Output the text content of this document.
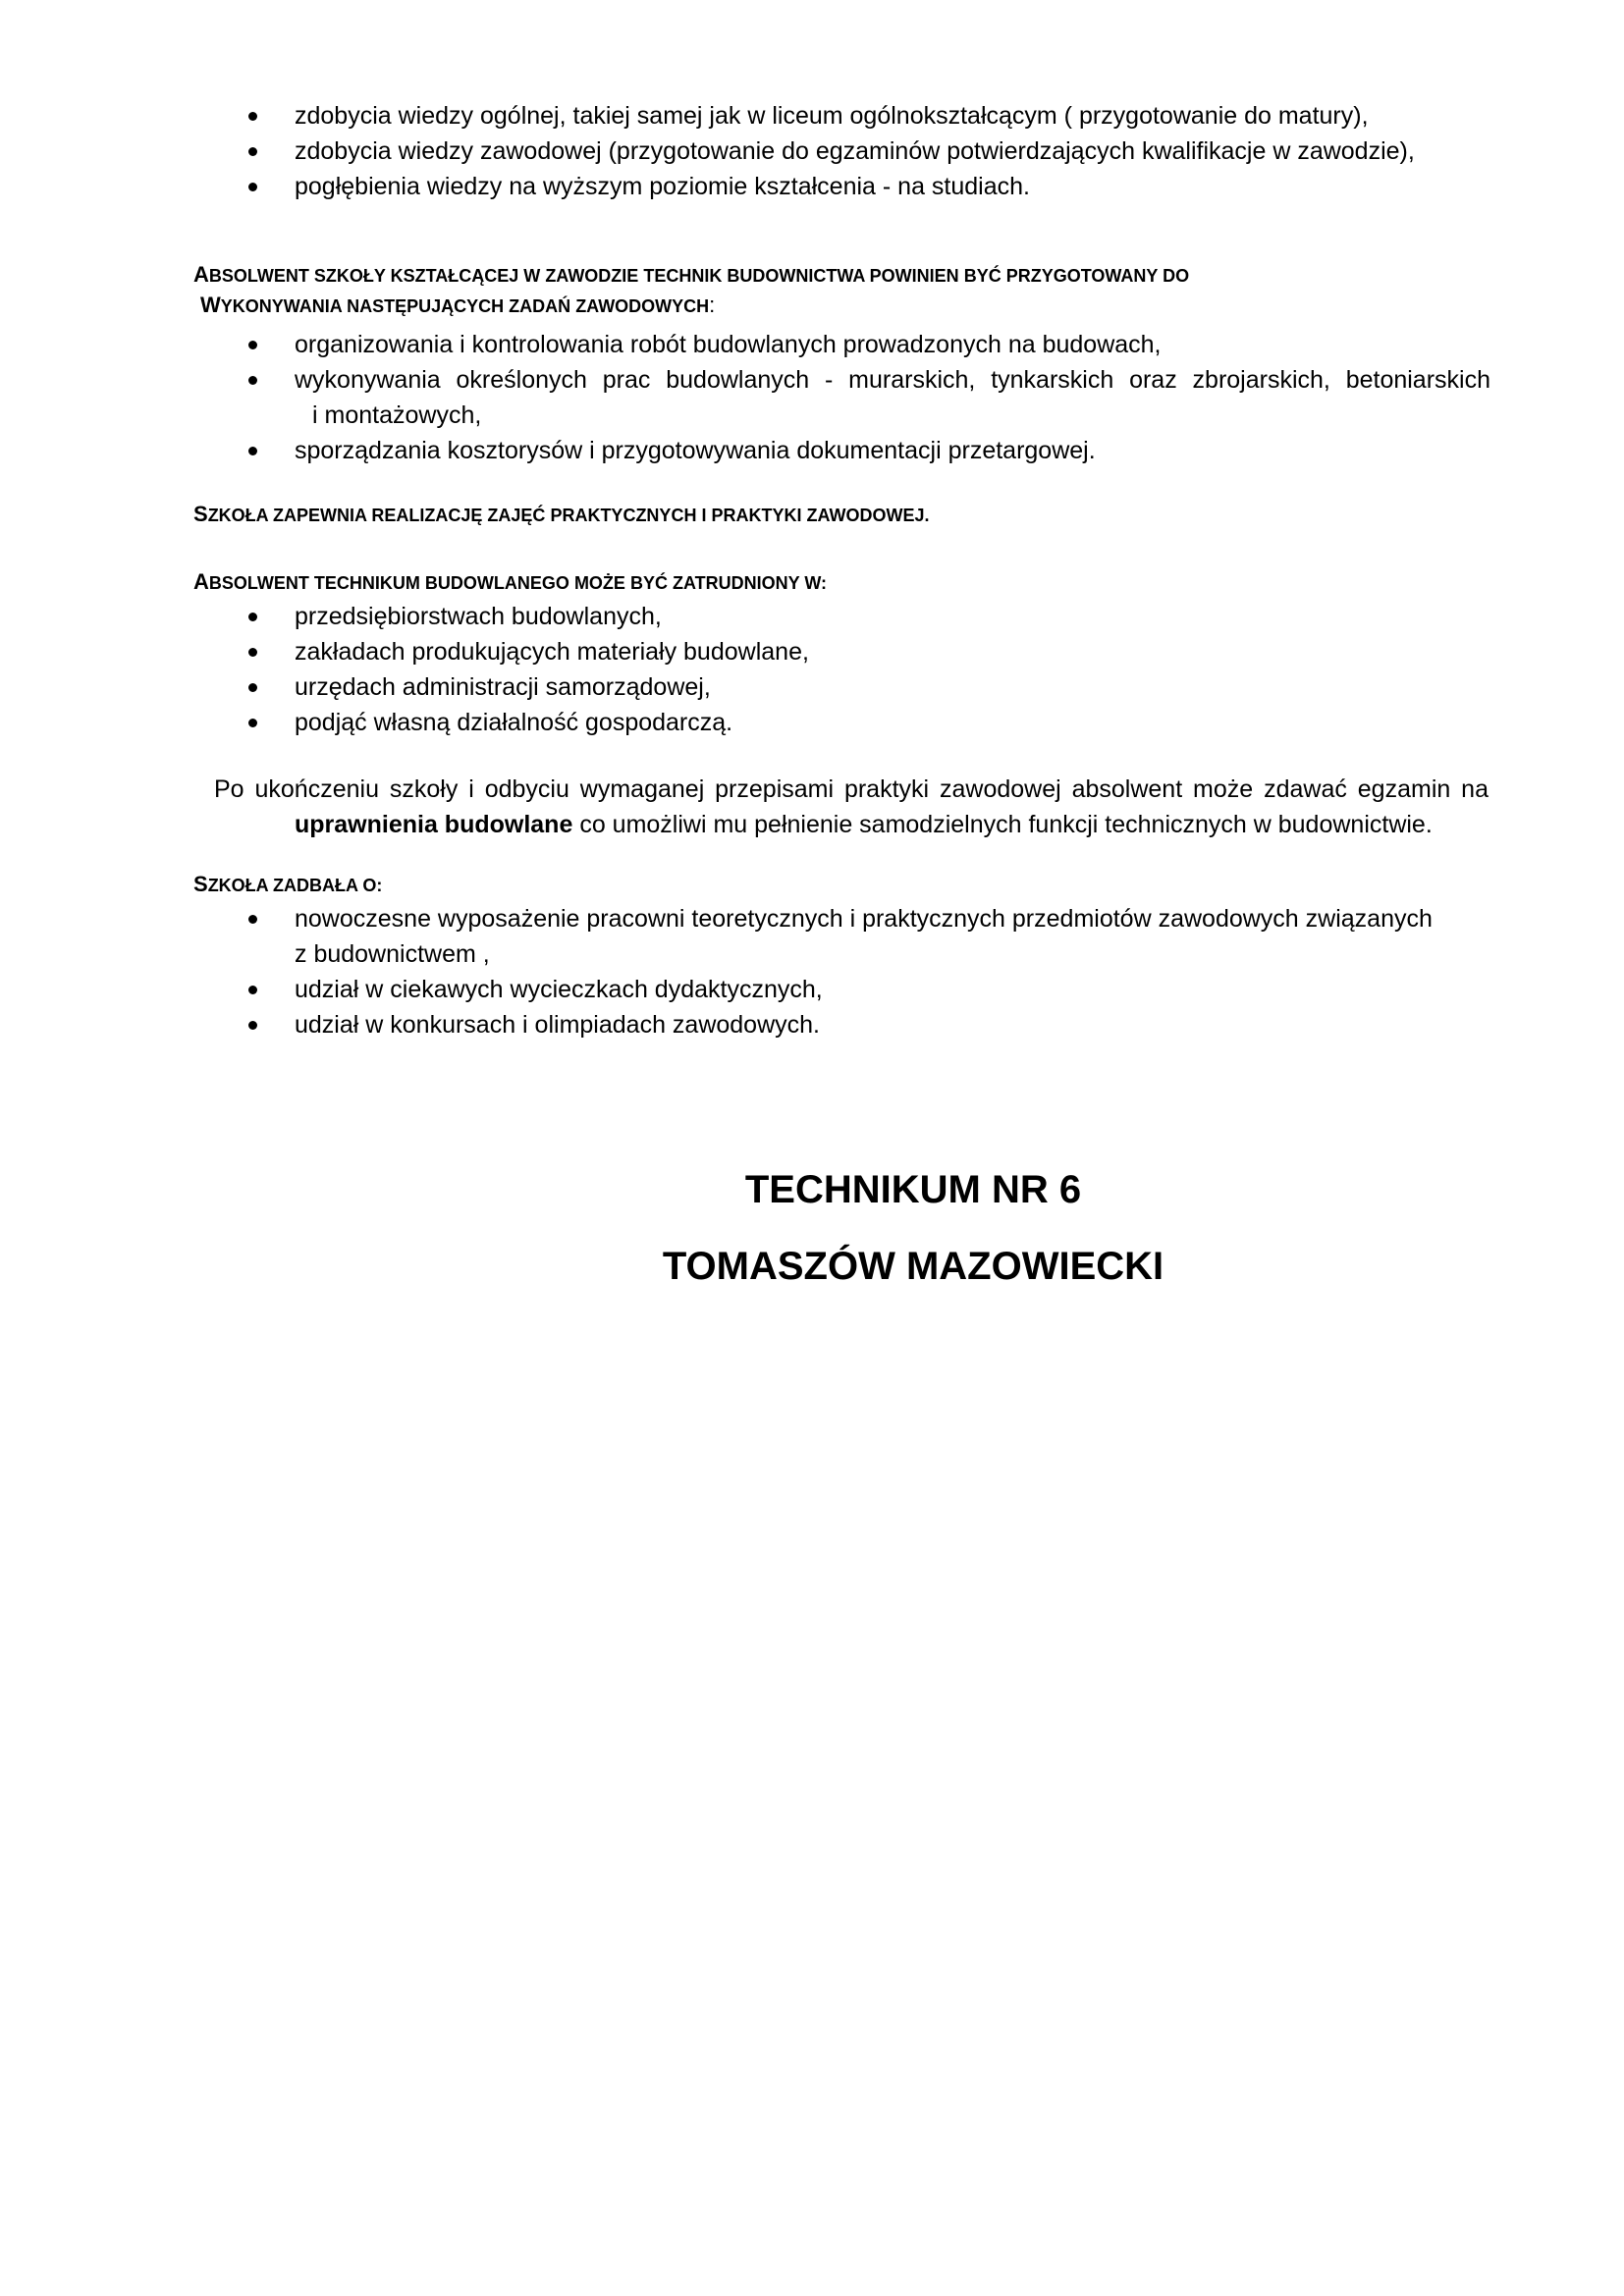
zdobycia wiedzy ogólnej, takiej samej jak w liceum ogólnokształcącym ( przygotowanie do matury),
zdobycia wiedzy zawodowej (przygotowanie do egzaminów potwierdzających kwalifikacje w zawodzie),
pogłębienia wiedzy na wyższym poziomie kształcenia - na studiach.
ABSOLWENT SZKOŁY KSZTAŁCĄCEJ W ZAWODZIE TECHNIK BUDOWNICTWA POWINIEN BYĆ PRZYGOTOWANY DO
WYKONYWANIA NASTĘPUJĄCYCH ZADAŃ ZAWODOWYCH:
organizowania i kontrolowania robót budowlanych prowadzonych na budowach,
wykonywania określonych prac budowlanych - murarskich, tynkarskich oraz zbrojarskich, betoniarskich
i montażowych,
sporządzania kosztorysów i przygotowywania dokumentacji przetargowej.
SZKOŁA ZAPEWNIA REALIZACJĘ ZAJĘĆ PRAKTYCZNYCH I PRAKTYKI ZAWODOWEJ.
ABSOLWENT TECHNIKUM BUDOWLANEGO MOŻE BYĆ ZATRUDNIONY W:
przedsiębiorstwach budowlanych,
zakładach produkujących materiały budowlane,
urzędach administracji samorządowej,
podjąć własną działalność gospodarczą.
Po ukończeniu szkoły i odbyciu wymaganej przepisami praktyki zawodowej absolwent może zdawać egzamin na
uprawnienia budowlane co umożliwi mu pełnienie samodzielnych funkcji technicznych w budownictwie.
SZKOŁA ZADBAŁA O:
nowoczesne wyposażenie pracowni teoretycznych i praktycznych przedmiotów zawodowych związanych
z budownictwem ,
udział w ciekawych wycieczkach dydaktycznych,
udział w konkursach i olimpiadach zawodowych.
TECHNIKUM NR 6
TOMASZÓW MAZOWIECKI
